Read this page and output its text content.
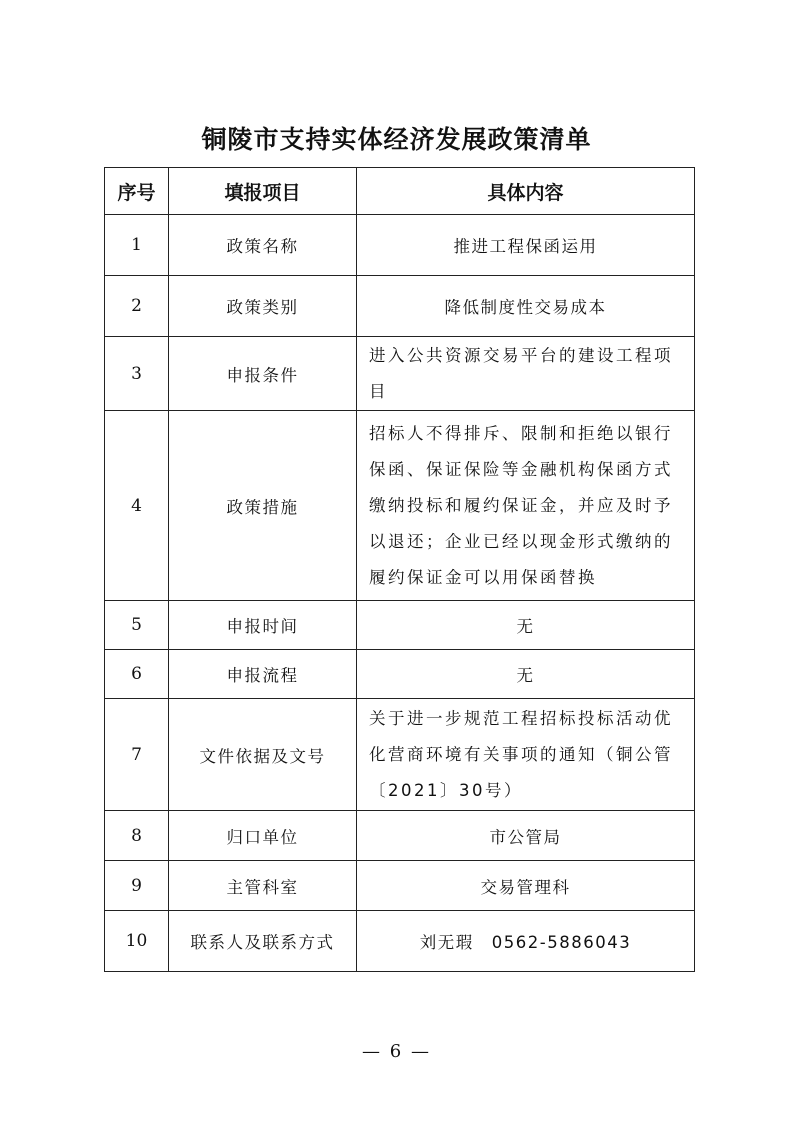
铜陵市支持实体经济发展政策清单
序号	填报项目	具体内容
1	政策名称	推进工程保函运用
2	政策类别	降低制度性交易成本
3	申报条件	进入公共资源交易平台的建设工程项目
4	政策措施	招标人不得排斥、限制和拒绝以银行保函、保证保险等金融机构保函方式缴纳投标和履约保证金，并应及时予以退还；企业已经以现金形式缴纳的履约保证金可以用保函替换
5	申报时间	无
6	申报流程	无
7	文件依据及文号	关于进一步规范工程招标投标活动优化营商环境有关事项的通知（铜公管〔2021〕30号）
8	归口单位	市公管局
9	主管科室	交易管理科
10	联系人及联系方式	刘无瑕　0562-5886043
— 6 —
